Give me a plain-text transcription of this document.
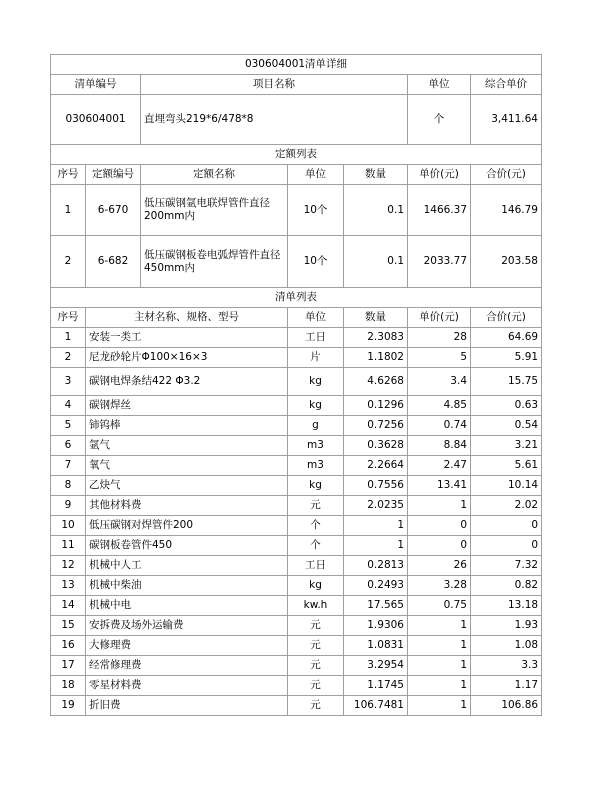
030604001清单详细			
清单编号	项目名称	单位	综合单价
030604001	直埋弯头219*6/478*8	个	3,411.64
定额列表						
序号	定额编号	定额名称	单位	数量	单价(元)	合价(元)
1	6-670	低压碳钢氩电联焊管件直径200mm内	10个	0.1	1466.37	146.79
2	6-682	低压碳钢板卷电弧焊管件直径450mm内	10个	0.1	2033.77	203.58
清单列表					
序号	主材名称、规格、型号	单位	数量	单价(元)	合价(元)
1	安装一类工	工日	2.3083	28	64.69
2	尼龙砂轮片Φ100×16×3	片	1.1802	5	5.91
3	碳钢电焊条结422 Φ3.2	kg	4.6268	3.4	15.75
4	碳钢焊丝	kg	0.1296	4.85	0.63
5	铈钨棒	g	0.7256	0.74	0.54
6	氩气	m3	0.3628	8.84	3.21
7	氧气	m3	2.2664	2.47	5.61
8	乙炔气	kg	0.7556	13.41	10.14
9	其他材料费	元	2.0235	1	2.02
10	低压碳钢对焊管件200	个	1	0	0
11	碳钢板卷管件450	个	1	0	0
12	机械中人工	工日	0.2813	26	7.32
13	机械中柴油	kg	0.2493	3.28	0.82
14	机械中电	kw.h	17.565	0.75	13.18
15	安拆费及场外运输费	元	1.9306	1	1.93
16	大修理费	元	1.0831	1	1.08
17	经常修理费	元	3.2954	1	3.3
18	零星材料费	元	1.1745	1	1.17
19	折旧费	元	106.7481	1	106.86
